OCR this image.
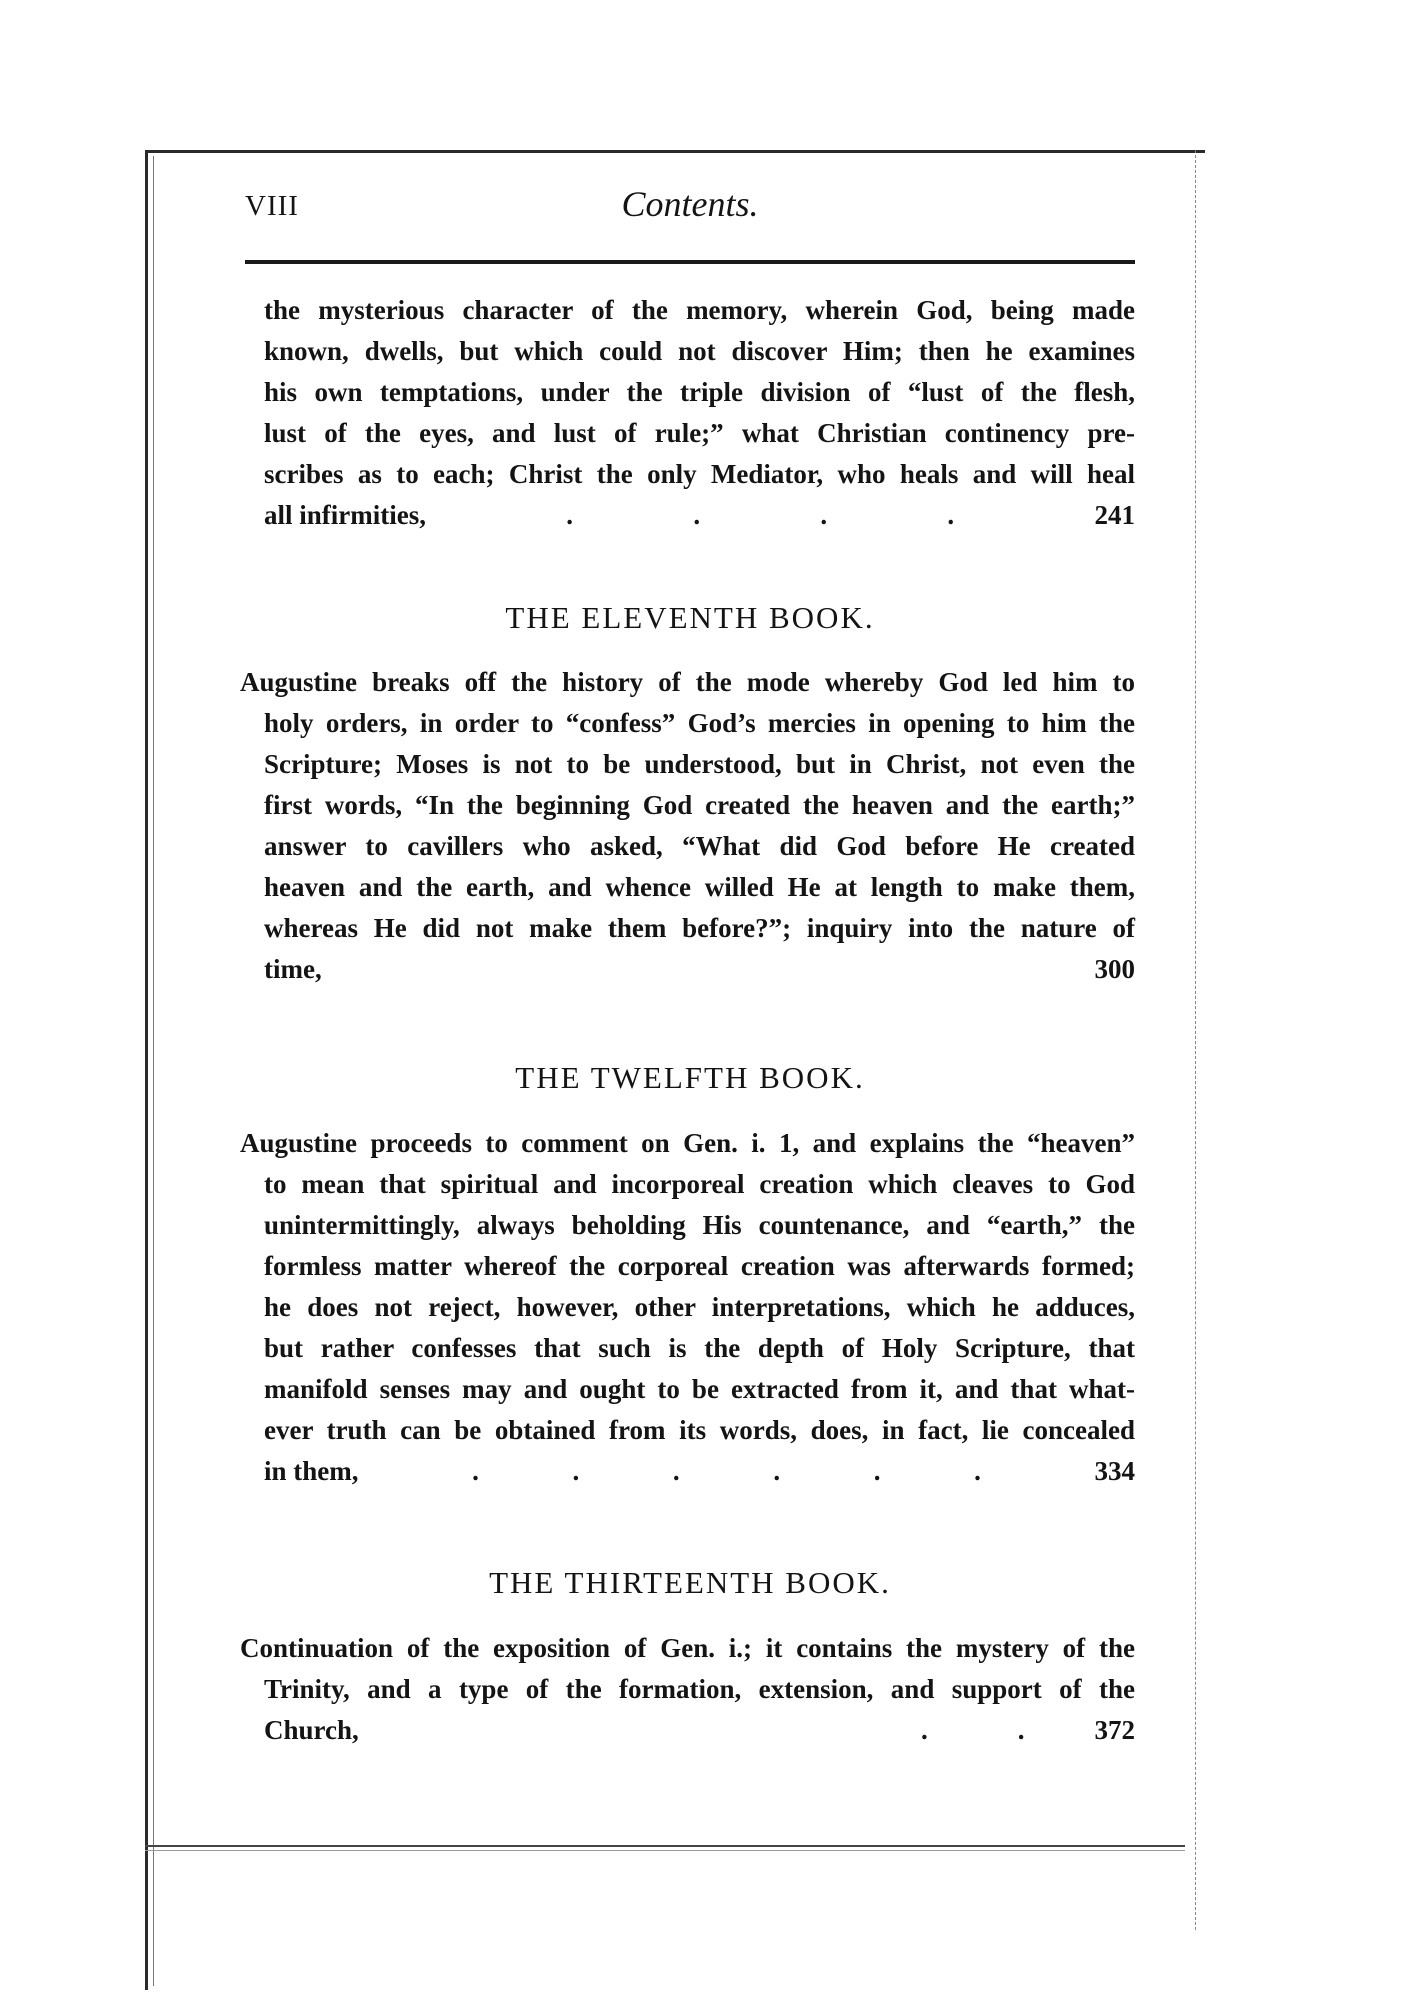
VIII	Contents.
the mysterious character of the memory, wherein God, being made
known, dwells, but which could not discover Him; then he examines
his own temptations, under the triple division of “lust of the flesh,
lust of the eyes, and lust of rule;” what Christian continency pre-
scribes as to each; Christ the only Mediator, who heals and will heal
all infirmities,	.	.	.	.	241
THE ELEVENTH BOOK.
Augustine breaks off the history of the mode whereby God led him to
holy orders, in order to “confess” God’s mercies in opening to him the
Scripture; Moses is not to be understood, but in Christ, not even the
first words, “In the beginning God created the heaven and the earth;”
answer to cavillers who asked, “What did God before He created
heaven and the earth, and whence willed He at length to make them,
whereas He did not make them before?”; inquiry into the nature of
time,	300
THE TWELFTH BOOK.
Augustine proceeds to comment on Gen. i. 1, and explains the “heaven”
to mean that spiritual and incorporeal creation which cleaves to God
unintermittingly, always beholding His countenance, and “earth,” the
formless matter whereof the corporeal creation was afterwards formed;
he does not reject, however, other interpretations, which he adduces,
but rather confesses that such is the depth of Holy Scripture, that
manifold senses may and ought to be extracted from it, and that what-
ever truth can be obtained from its words, does, in fact, lie concealed
in them,	.	.	.	.	.	.	334
THE THIRTEENTH BOOK.
Continuation of the exposition of Gen. i.; it contains the mystery of the
Trinity, and a type of the formation, extension, and support of the
Church,	.	.	372
